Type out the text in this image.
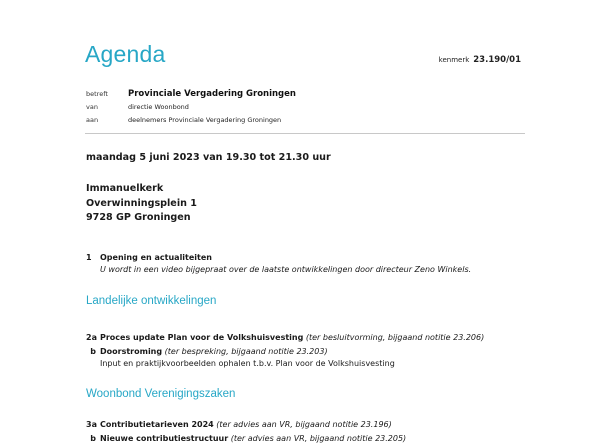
Agenda	kenmerk 23.190/01
betreft	Provinciale Vergadering Groningen
van	directie Woonbond
aan	deelnemers Provinciale Vergadering Groningen
maandag 5 juni 2023 van 19.30 tot 21.30 uur
Immanuelkerk
Overwinningsplein 1
9728 GP Groningen
1 Opening en actualiteiten
U wordt in een video bijgepraat over de laatste ontwikkelingen door directeur Zeno Winkels.
Landelijke ontwikkelingen
2a Proces update Plan voor de Volkshuisvesting (ter besluitvorming, bijgaand notitie 23.206)
b Doorstroming (ter bespreking, bijgaand notitie 23.203)
Input en praktijkvoorbeelden ophalen t.b.v. Plan voor de Volkshuisvesting
Woonbond Verenigingszaken
3a Contributietarieven 2024 (ter advies aan VR, bijgaand notitie 23.196)
b Nieuwe contributiestructuur (ter advies aan VR, bijgaand notitie 23.205)
